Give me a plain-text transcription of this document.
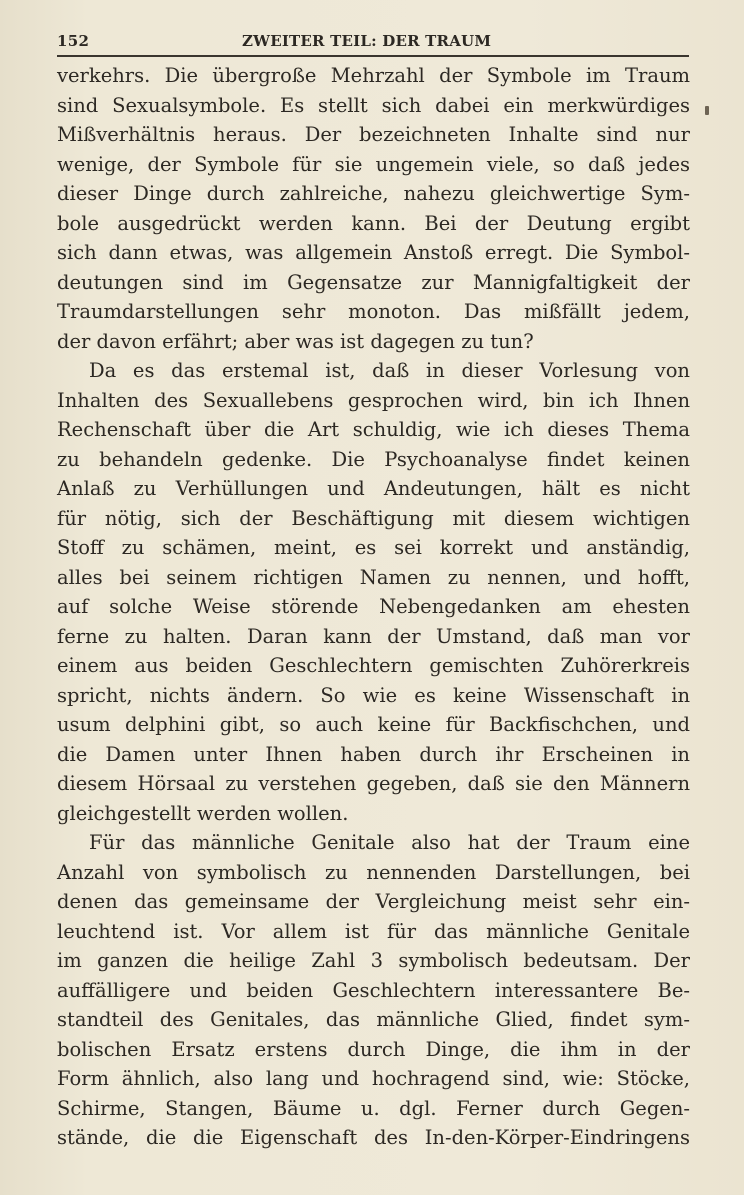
152	ZWEITER TEIL: DER TRAUM
verkehrs. Die übergroße Mehrzahl der Symbole im Traum
sind Sexualsymbole. Es stellt sich dabei ein merkwürdiges
Mißverhältnis heraus. Der bezeichneten Inhalte sind nur
wenige, der Symbole für sie ungemein viele, so daß jedes
dieser Dinge durch zahlreiche, nahezu gleichwertige Sym-
bole ausgedrückt werden kann. Bei der Deutung ergibt
sich dann etwas, was allgemein Anstoß erregt. Die Symbol-
deutungen sind im Gegensatze zur Mannigfaltigkeit der
Traumdarstellungen sehr monoton. Das mißfällt jedem,
der davon erfährt; aber was ist dagegen zu tun?
Da es das erstemal ist, daß in dieser Vorlesung von
Inhalten des Sexuallebens gesprochen wird, bin ich Ihnen
Rechenschaft über die Art schuldig, wie ich dieses Thema
zu behandeln gedenke. Die Psychoanalyse findet keinen
Anlaß zu Verhüllungen und Andeutungen, hält es nicht
für nötig, sich der Beschäftigung mit diesem wichtigen
Stoff zu schämen, meint, es sei korrekt und anständig,
alles bei seinem richtigen Namen zu nennen, und hofft,
auf solche Weise störende Nebengedanken am ehesten
ferne zu halten. Daran kann der Umstand, daß man vor
einem aus beiden Geschlechtern gemischten Zuhörerkreis
spricht, nichts ändern. So wie es keine Wissenschaft in
usum delphini gibt, so auch keine für Backfischchen, und
die Damen unter Ihnen haben durch ihr Erscheinen in
diesem Hörsaal zu verstehen gegeben, daß sie den Männern
gleichgestellt werden wollen.
Für das männliche Genitale also hat der Traum eine
Anzahl von symbolisch zu nennenden Darstellungen, bei
denen das gemeinsame der Vergleichung meist sehr ein-
leuchtend ist. Vor allem ist für das männliche Genitale
im ganzen die heilige Zahl 3 symbolisch bedeutsam. Der
auffälligere und beiden Geschlechtern interessantere Be-
standteil des Genitales, das männliche Glied, findet sym-
bolischen Ersatz erstens durch Dinge, die ihm in der
Form ähnlich, also lang und hochragend sind, wie: Stöcke,
Schirme, Stangen, Bäume u. dgl. Ferner durch Gegen-
stände, die die Eigenschaft des In-den-Körper-Eindringens
